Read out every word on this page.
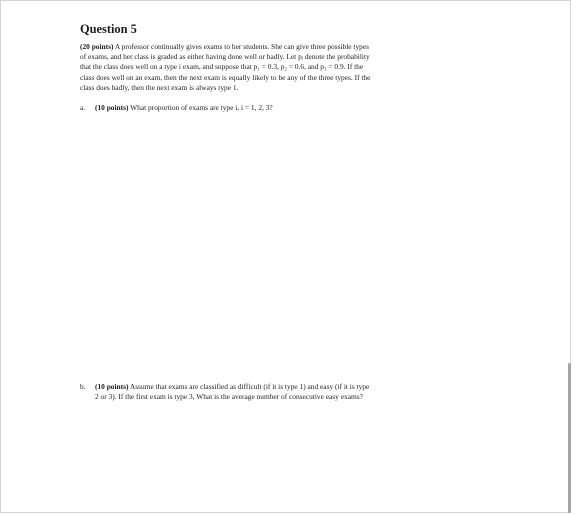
Question 5
(20 points) A professor continually gives exams to her students. She can give three possible types
of exams, and her class is graded as either having done well or badly. Let pᵢ denote the probability
that the class does well on a type i exam, and suppose that p₁ = 0.3, p₂ = 0.6, and p₃ = 0.9. If the
class does well on an exam, then the next exam is equally likely to be any of the three types. If the
class does badly, then the next exam is always type 1.
a. (10 points) What proportion of exams are type i, i = 1, 2, 3?
b. (10 points) Assume that exams are classified as difficult (if it is type 1) and easy (if it is type
2 or 3). If the first exam is type 3, What is the average number of consecutive easy exams?
